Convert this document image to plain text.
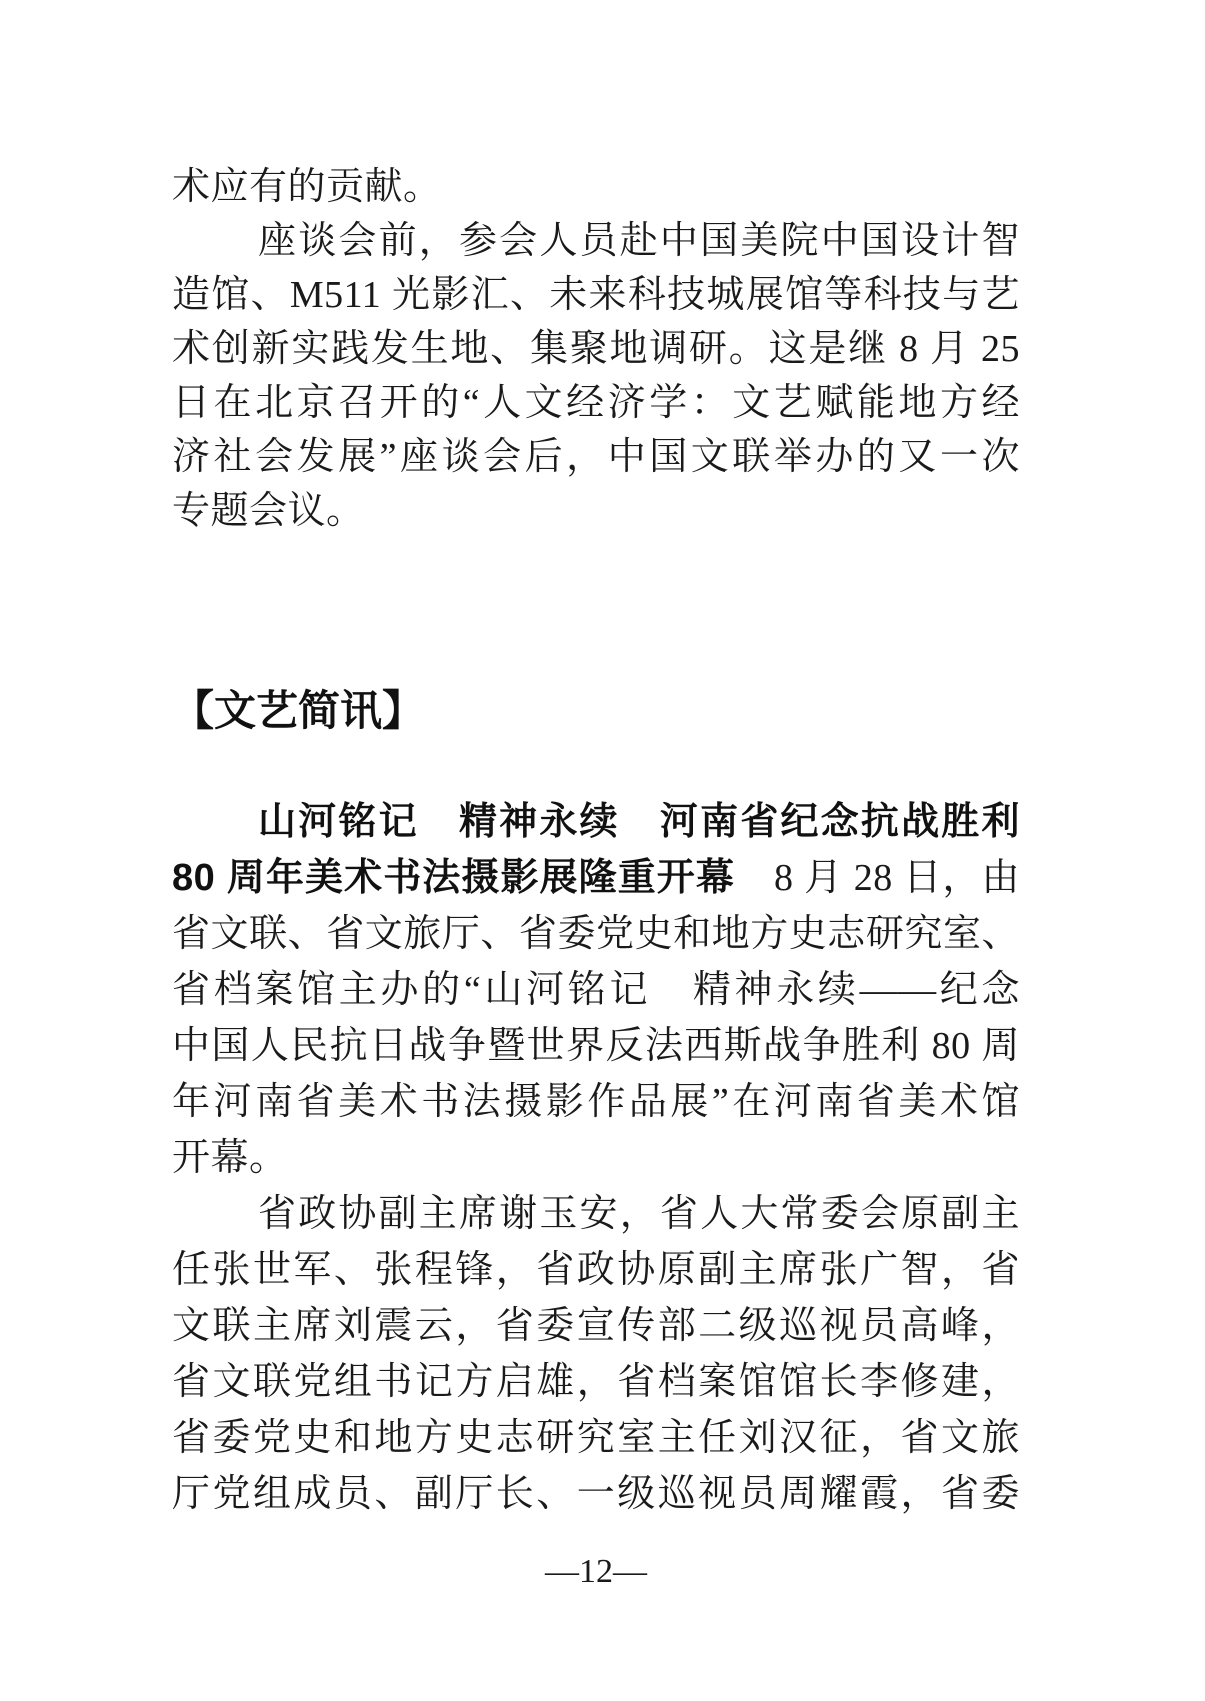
术应有的贡献。
座谈会前，参会人员赴中国美院中国设计智
造馆、M511 光影汇、未来科技城展馆等科技与艺
术创新实践发生地、集聚地调研。这是继 8 月 25
日在北京召开的“人文经济学：文艺赋能地方经
济社会发展”座谈会后，中国文联举办的又一次
专题会议。
【文艺简讯】
山河铭记　精神永续　河南省纪念抗战胜利
80 周年美术书法摄影展隆重开幕　8 月 28 日，由
省文联、省文旅厅、省委党史和地方史志研究室、
省档案馆主办的“山河铭记　精神永续——纪念
中国人民抗日战争暨世界反法西斯战争胜利 80 周
年河南省美术书法摄影作品展”在河南省美术馆
开幕。
省政协副主席谢玉安，省人大常委会原副主
任张世军、张程锋，省政协原副主席张广智，省
文联主席刘震云，省委宣传部二级巡视员高峰，
省文联党组书记方启雄，省档案馆馆长李修建，
省委党史和地方史志研究室主任刘汉征，省文旅
厅党组成员、副厅长、一级巡视员周耀霞，省委
—12—
